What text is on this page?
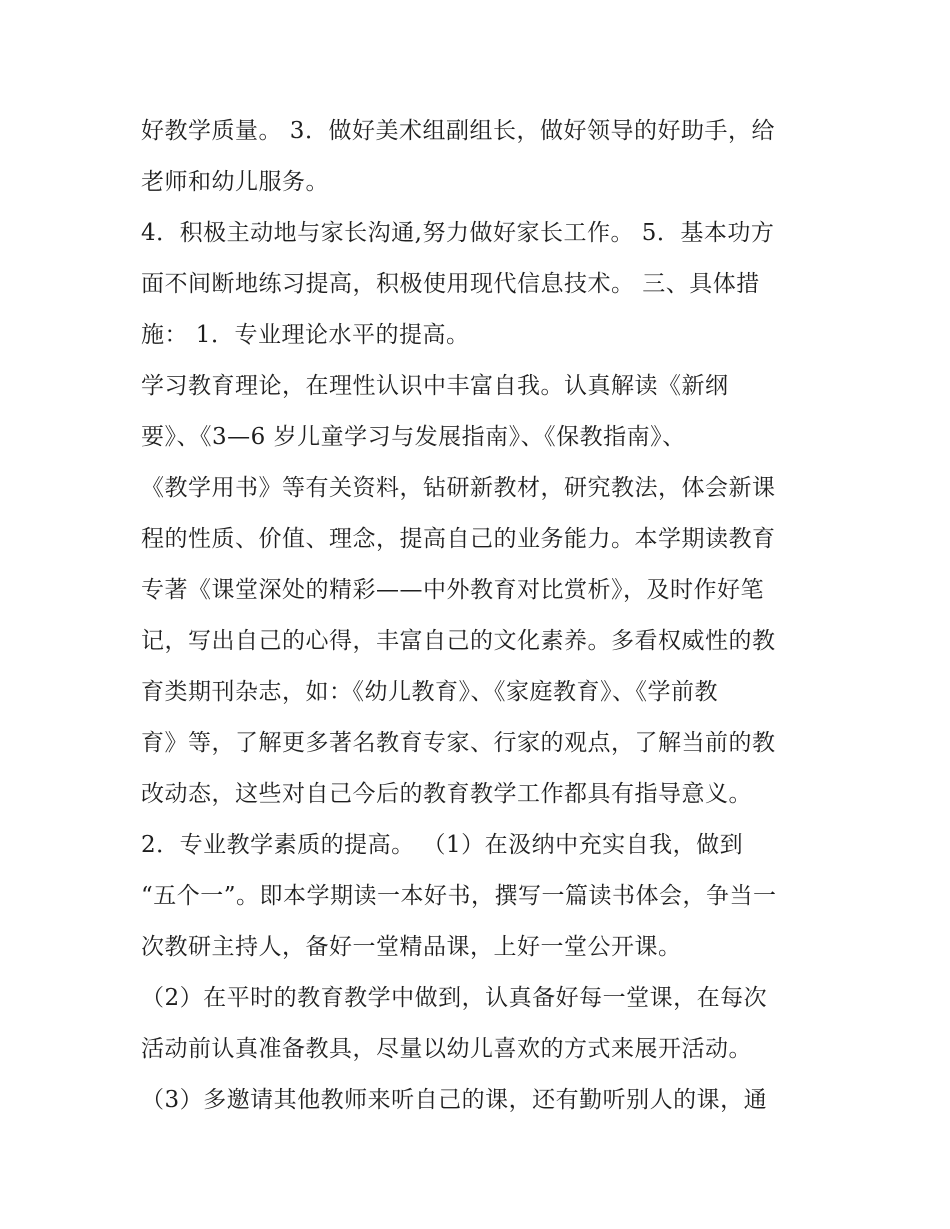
好教学质量。 3．做好美术组副组长，做好领导的好助手，给
老师和幼儿服务。
4．积极主动地与家长沟通,努力做好家长工作。 5．基本功方
面不间断地练习提高，积极使用现代信息技术。 三、具体措
施： 1．专业理论水平的提高。
学习教育理论，在理性认识中丰富自我。认真解读《新纲
要》、《3—6 岁儿童学习与发展指南》、《保教指南》、
《教学用书》等有关资料，钻研新教材，研究教法，体会新课
程的性质、价值、理念，提高自己的业务能力。本学期读教育
专著《课堂深处的精彩——中外教育对比赏析》，及时作好笔
记，写出自己的心得，丰富自己的文化素养。多看权威性的教
育类期刊杂志，如：《幼儿教育》、《家庭教育》、《学前教
育》等，了解更多著名教育专家、行家的观点，了解当前的教
改动态，这些对自己今后的教育教学工作都具有指导意义。
2．专业教学素质的提高。 （1）在汲纳中充实自我，做到
“五个一”。即本学期读一本好书，撰写一篇读书体会，争当一
次教研主持人，备好一堂精品课，上好一堂公开课。
（2）在平时的教育教学中做到，认真备好每一堂课，在每次
活动前认真准备教具，尽量以幼儿喜欢的方式来展开活动。
（3）多邀请其他教师来听自己的课，还有勤听别人的课，通
